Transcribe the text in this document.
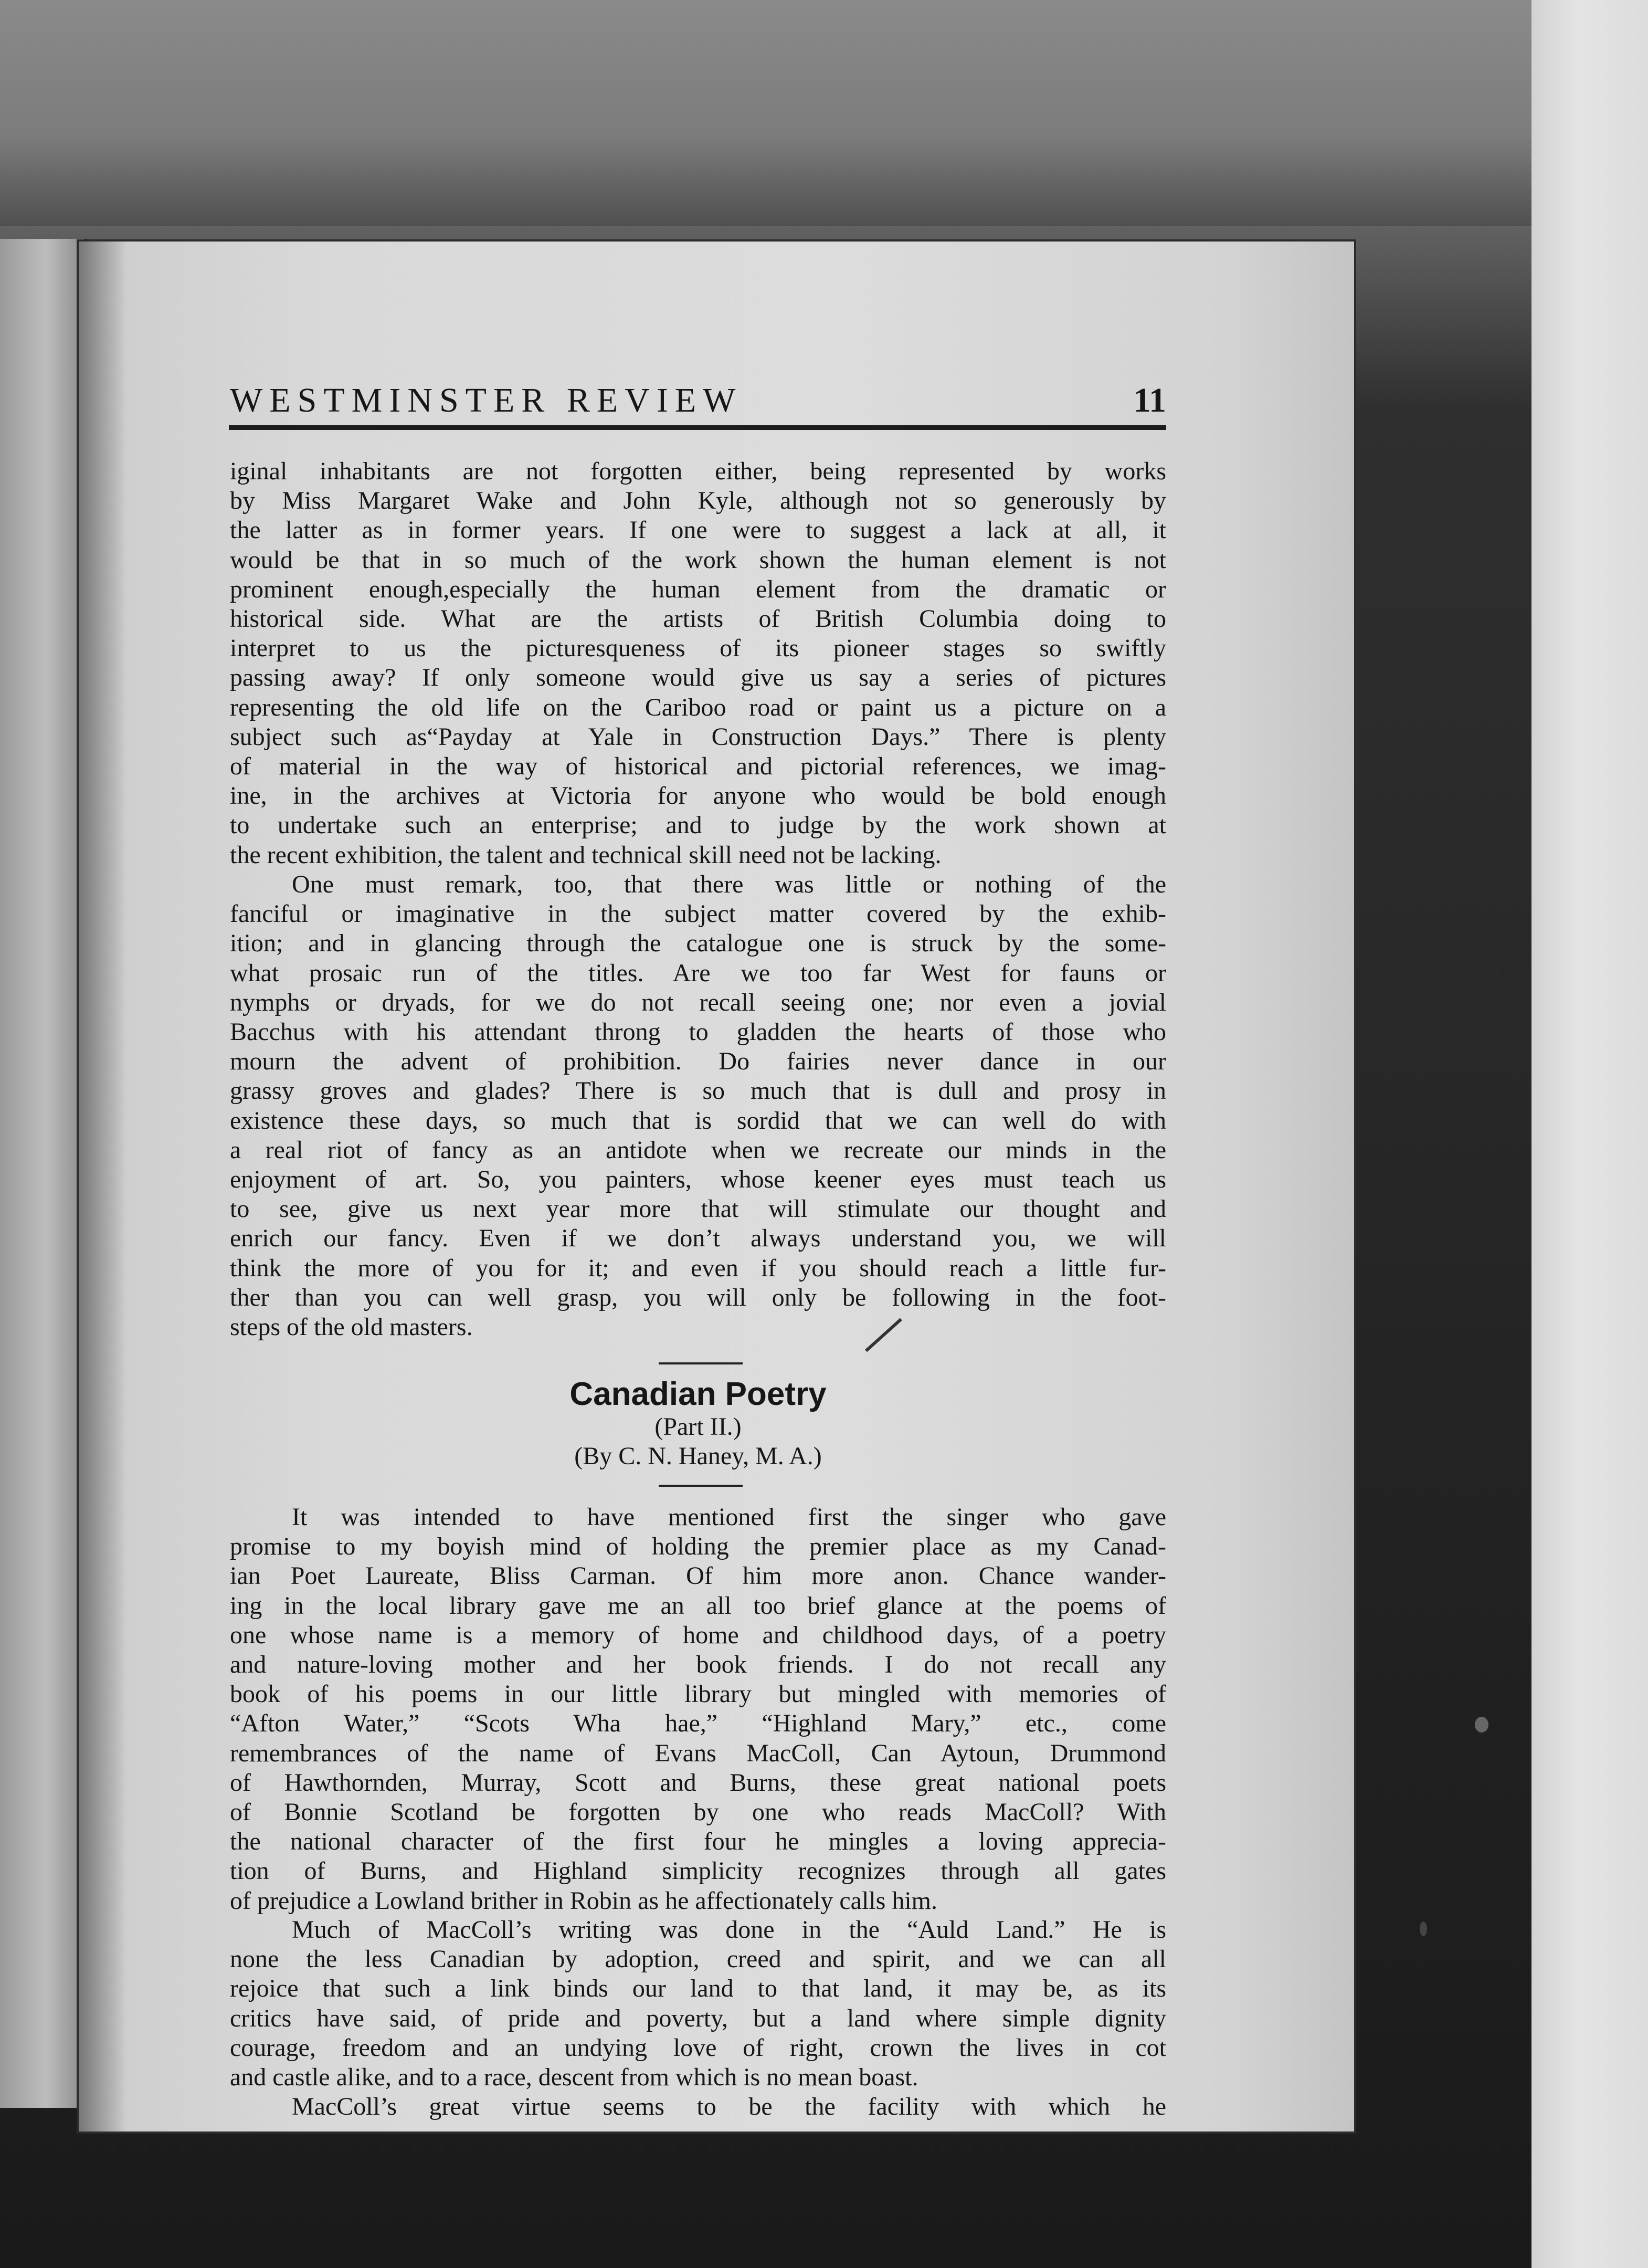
WESTMINSTER REVIEW	11
iginal inhabitants are not forgotten either, being represented by works
by Miss Margaret Wake and John Kyle, although not so generously by
the latter as in former years. If one were to suggest a lack at all, it
would be that in so much of the work shown the human element is not
prominent enough,especially the human element from the dramatic or
historical side. What are the artists of British Columbia doing to
interpret to us the picturesqueness of its pioneer stages so swiftly
passing away? If only someone would give us say a series of pictures
representing the old life on the Cariboo road or paint us a picture on a
subject such as“Payday at Yale in Construction Days.” There is plenty
of material in the way of historical and pictorial references, we imag-
ine, in the archives at Victoria for anyone who would be bold enough
to undertake such an enterprise; and to judge by the work shown at
the recent exhibition, the talent and technical skill need not be lacking.
One must remark, too, that there was little or nothing of the
fanciful or imaginative in the subject matter covered by the exhib-
ition; and in glancing through the catalogue one is struck by the some-
what prosaic run of the titles. Are we too far West for fauns or
nymphs or dryads, for we do not recall seeing one; nor even a jovial
Bacchus with his attendant throng to gladden the hearts of those who
mourn the advent of prohibition. Do fairies never dance in our
grassy groves and glades? There is so much that is dull and prosy in
existence these days, so much that is sordid that we can well do with
a real riot of fancy as an antidote when we recreate our minds in the
enjoyment of art. So, you painters, whose keener eyes must teach us
to see, give us next year more that will stimulate our thought and
enrich our fancy. Even if we don’t always understand you, we will
think the more of you for it; and even if you should reach a little fur-
ther than you can well grasp, you will only be following in the foot-
steps of the old masters.
Canadian Poetry
(Part II.)
(By C. N. Haney, M. A.)
It was intended to have mentioned first the singer who gave
promise to my boyish mind of holding the premier place as my Canad-
ian Poet Laureate, Bliss Carman. Of him more anon. Chance wander-
ing in the local library gave me an all too brief glance at the poems of
one whose name is a memory of home and childhood days, of a poetry
and nature-loving mother and her book friends. I do not recall any
book of his poems in our little library but mingled with memories of
“Afton Water,” “Scots Wha hae,” “Highland Mary,” etc., come
remembrances of the name of Evans MacColl, Can Aytoun, Drummond
of Hawthornden, Murray, Scott and Burns, these great national poets
of Bonnie Scotland be forgotten by one who reads MacColl? With
the national character of the first four he mingles a loving apprecia-
tion of Burns, and Highland simplicity recognizes through all gates
of prejudice a Lowland brither in Robin as he affectionately calls him.
Much of MacColl’s writing was done in the “Auld Land.” He is
none the less Canadian by adoption, creed and spirit, and we can all
rejoice that such a link binds our land to that land, it may be, as its
critics have said, of pride and poverty, but a land where simple dignity
courage, freedom and an undying love of right, crown the lives in cot
and castle alike, and to a race, descent from which is no mean boast.
MacColl’s great virtue seems to be the facility with which he
